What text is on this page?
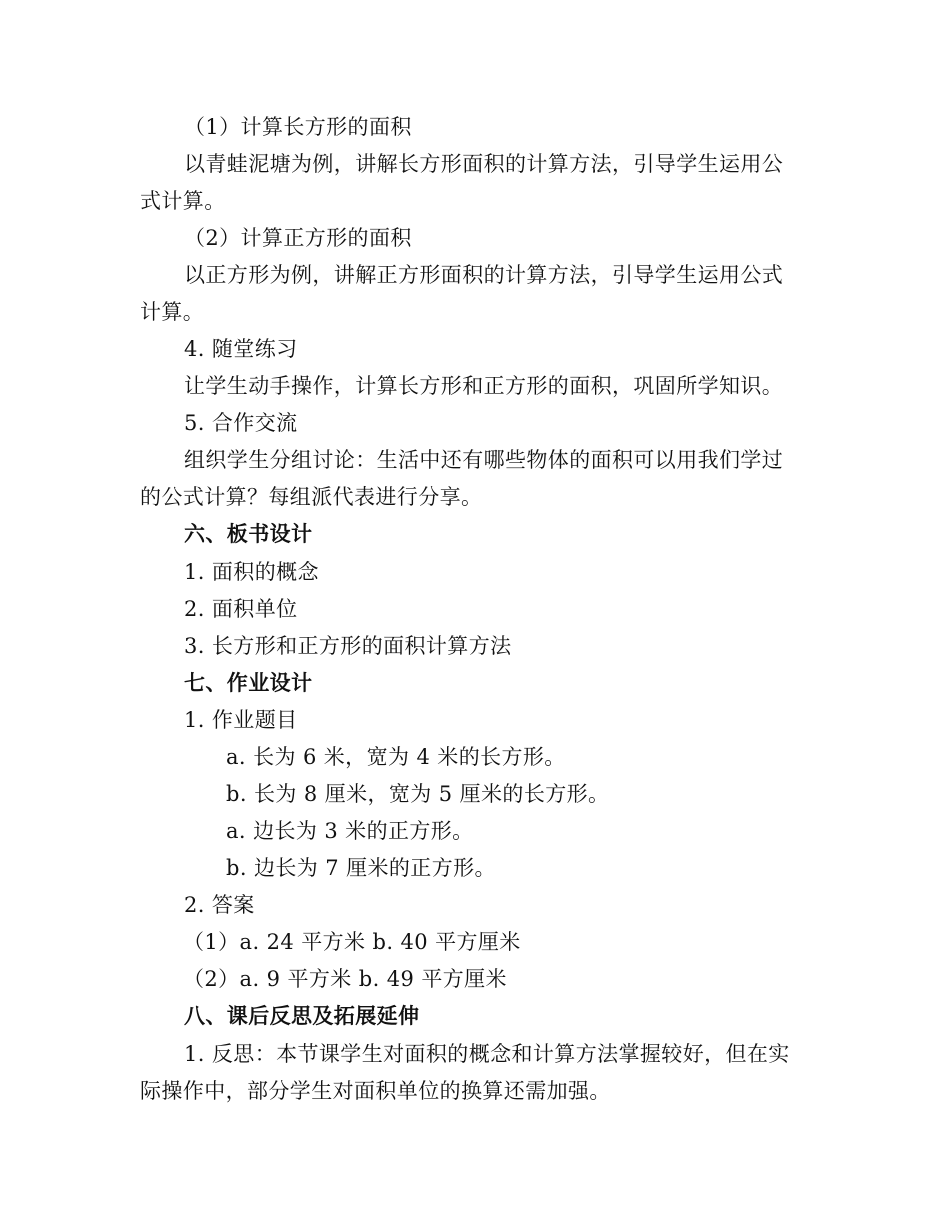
（1）计算长方形的面积
以青蛙泥塘为例，讲解长方形面积的计算方法，引导学生运用公
式计算。
（2）计算正方形的面积
以正方形为例，讲解正方形面积的计算方法，引导学生运用公式
计算。
4. 随堂练习
让学生动手操作，计算长方形和正方形的面积，巩固所学知识。
5. 合作交流
组织学生分组讨论：生活中还有哪些物体的面积可以用我们学过
的公式计算？每组派代表进行分享。
六、板书设计
1. 面积的概念
2. 面积单位
3. 长方形和正方形的面积计算方法
七、作业设计
1. 作业题目
a. 长为 6 米，宽为 4 米的长方形。
b. 长为 8 厘米，宽为 5 厘米的长方形。
a. 边长为 3 米的正方形。
b. 边长为 7 厘米的正方形。
2. 答案
（1）a. 24 平方米 b. 40 平方厘米
（2）a. 9 平方米 b. 49 平方厘米
八、课后反思及拓展延伸
1. 反思：本节课学生对面积的概念和计算方法掌握较好，但在实
际操作中，部分学生对面积单位的换算还需加强。
